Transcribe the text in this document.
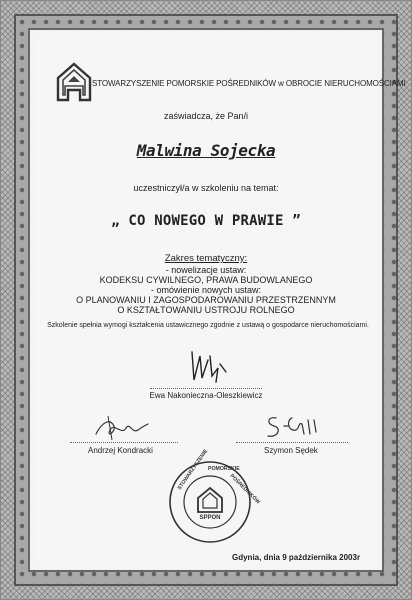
STOWARZYSZENIE POMORSKIE POŚREDNIKÓW w OBROCIE NIERUCHOMOŚCIAMI
zaświadcza, że Pan/i
Malwina Sojecka
uczestniczył/a w szkoleniu na temat:
„ CO NOWEGO W PRAWIE ”
Zakres tematyczny:
- nowelizacje ustaw:
KODEKSU CYWILNEGO, PRAWA BUDOWLANEGO
- omówienie nowych ustaw:
O PLANOWANIU I ZAGOSPODAROWANIU PRZESTRZENNYM
O KSZTAŁTOWANIU USTROJU ROLNEGO
Szkolenie spełnia wymogi kształcenia ustawicznego zgodnie z ustawą o gospodarce nieruchomościami.
Ewa Nakonieczna-Oleszkiewicz
Andrzej Kondracki	Szymon Sędek
SPPON
STOWARZYSZENIE
POMORSKIE
POŚREDNIKÓW
Gdynia, dnia 9 października 2003r
